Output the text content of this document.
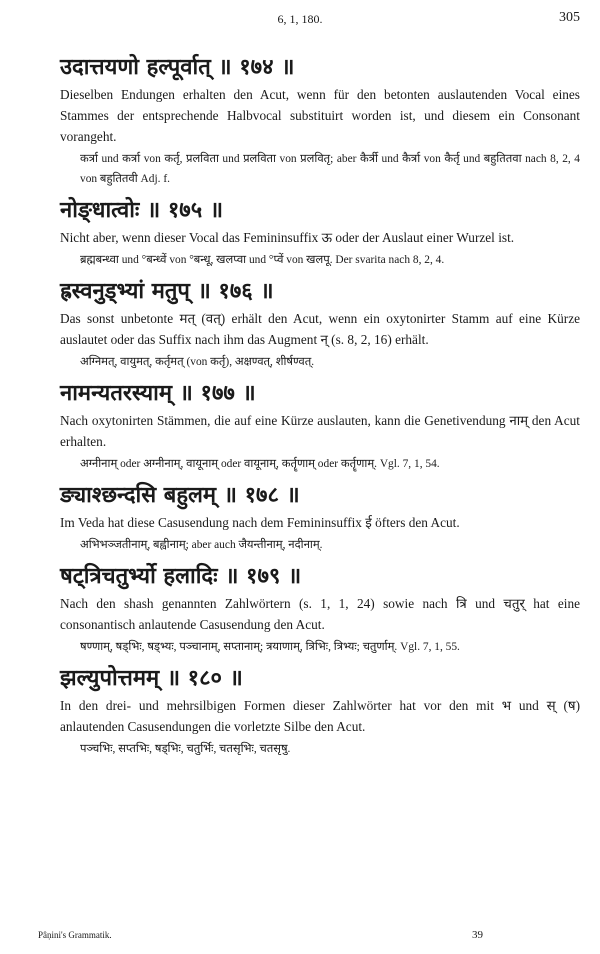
6, 1, 180.	305
उदात्तयणो हल्पूर्वात् ॥ १७४ ॥

Dieselben Endungen erhalten den Acut, wenn für den betonten auslautenden Vocal eines Stammes der entsprechende Halbvocal substituirt worden ist, und diesem ein Consonant vorangeht.

कर्त्रा und कर्त्रा von कर्तृ, प्रलविता und प्रलविता von प्रलवितृ; aber कैर्त्री und कैर्त्रा von कैर्तृ und बहुतितवा nach 8, 2, 4 von बहुतितवी Adj. f.

नोङ्धात्वोः ॥ १७५ ॥

Nicht aber, wenn dieser Vocal das Femininsuffix ऊ oder der Auslaut einer Wurzel ist.

ब्रह्मबन्ध्वा und °बन्ध्वें von °बन्धू, खलप्वा und °प्वें von खलपू. Der svarita nach 8, 2, 4.

ह्रस्वनुड्भ्यां मतुप् ॥ १७६ ॥

Das sonst unbetonte मत् (वत्) erhält den Acut, wenn ein oxytonirter Stamm auf eine Kürze auslautet oder das Suffix nach ihm das Augment न् (s. 8, 2, 16) erhält.

अग्निमत्, वायुमत्, कर्तृमत् (von कर्तृ), अक्षण्वत्, शीर्षण्वत्.

नामन्यतरस्याम् ॥ १७७ ॥

Nach oxytonirten Stämmen, die auf eine Kürze auslauten, kann die Genetivendung नाम् den Acut erhalten.

अग्नीनाम् oder अग्नीनाम्, वायूनाम् oder वायूनाम्, कर्तॄणाम् oder कर्तॄणाम्. Vgl. 7, 1, 54.

ङ्याश्छन्दसि बहुलम् ॥ १७८ ॥

Im Veda hat diese Casusendung nach dem Femininsuffix ई öfters den Acut.

अभिभञ्जतीनाम्, बह्वीनाम्; aber auch जैयन्तीनाम्, नदीनाम्.

षट्त्रिचतुर्भ्यो हलादिः ॥ १७९ ॥

Nach den shash genannten Zahlwörtern (s. 1, 1, 24) sowie nach त्रि und चतुर् hat eine consonantisch anlautende Casusendung den Acut.

षण्णाम्, षड्भिः, षड्भ्यः, पञ्चानाम्, सप्तानाम्; त्रयाणाम्, त्रिभिः, त्रिभ्यः; चतुर्णाम्. Vgl. 7, 1, 55.

झल्युपोत्तमम् ॥ १८० ॥

In den drei- und mehrsilbigen Formen dieser Zahlwörter hat vor den mit भ und स् (ष) anlautenden Casusendungen die vorletzte Silbe den Acut.

पञ्चभिः, सप्तभिः, षड्भिः, चतुर्भिः, चतसृभिः, चतसृषु.

Pâṇini's Grammatik.	39
